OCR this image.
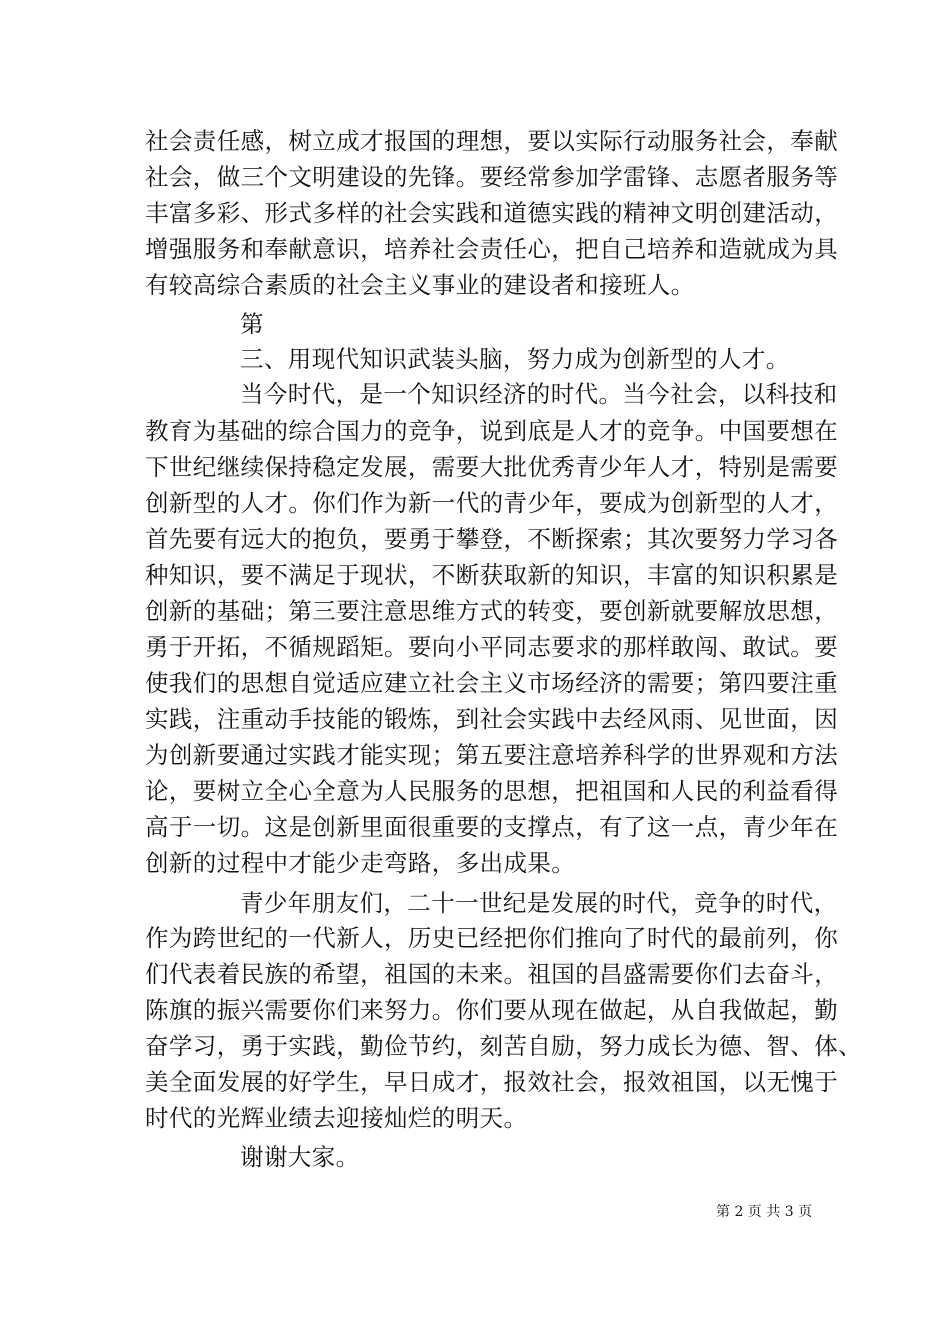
社会责任感，树立成才报国的理想，要以实际行动服务社会，奉献
社会，做三个文明建设的先锋。要经常参加学雷锋、志愿者服务等
丰富多彩、形式多样的社会实践和道德实践的精神文明创建活动，
增强服务和奉献意识，培养社会责任心，把自己培养和造就成为具
有较高综合素质的社会主义事业的建设者和接班人。
第
三、用现代知识武装头脑，努力成为创新型的人才。
当今时代，是一个知识经济的时代。当今社会，以科技和
教育为基础的综合国力的竞争，说到底是人才的竞争。中国要想在
下世纪继续保持稳定发展，需要大批优秀青少年人才，特别是需要
创新型的人才。你们作为新一代的青少年，要成为创新型的人才，
首先要有远大的抱负，要勇于攀登，不断探索；其次要努力学习各
种知识，要不满足于现状，不断获取新的知识，丰富的知识积累是
创新的基础；第三要注意思维方式的转变，要创新就要解放思想，
勇于开拓，不循规蹈矩。要向小平同志要求的那样敢闯、敢试。要
使我们的思想自觉适应建立社会主义市场经济的需要；第四要注重
实践，注重动手技能的锻炼，到社会实践中去经风雨、见世面，因
为创新要通过实践才能实现；第五要注意培养科学的世界观和方法
论，要树立全心全意为人民服务的思想，把祖国和人民的利益看得
高于一切。这是创新里面很重要的支撑点，有了这一点，青少年在
创新的过程中才能少走弯路，多出成果。
青少年朋友们，二十一世纪是发展的时代，竞争的时代，
作为跨世纪的一代新人，历史已经把你们推向了时代的最前列，你
们代表着民族的希望，祖国的未来。祖国的昌盛需要你们去奋斗，
陈旗的振兴需要你们来努力。你们要从现在做起，从自我做起，勤
奋学习，勇于实践，勤俭节约，刻苦自励，努力成长为德、智、体、
美全面发展的好学生，早日成才，报效社会，报效祖国，以无愧于
时代的光辉业绩去迎接灿烂的明天。
谢谢大家。
第 2 页 共 3 页
